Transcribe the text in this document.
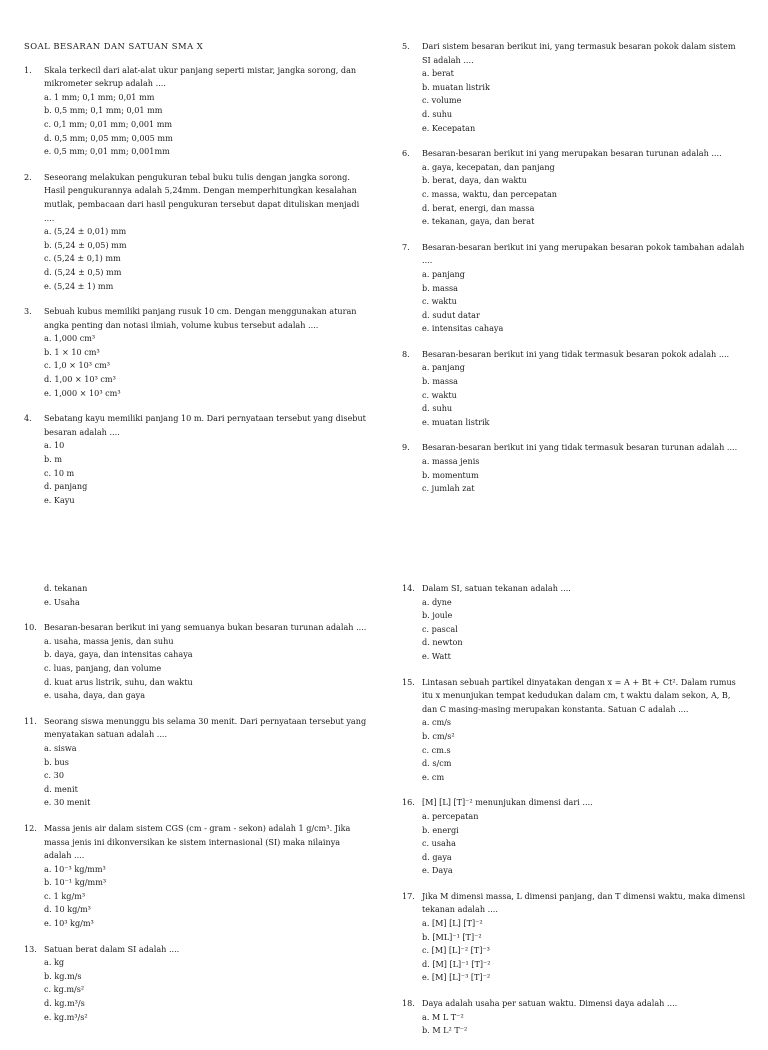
SOAL BESARAN DAN SATUAN SMA X
1.	Skala terkecil dari alat-alat ukur panjang seperti mistar, jangka sorong, dan mikrometer sekrup adalah ....
a. 1 mm; 0,1 mm; 0,01 mm
b. 0,5 mm; 0,1 mm; 0,01 mm
c. 0,1 mm; 0,01 mm; 0,001 mm
d. 0,5 mm; 0,05 mm; 0,005 mm
e. 0,5 mm; 0,01 mm; 0,001mm
2.	Seseorang melakukan pengukuran tebal buku tulis dengan jangka sorong. Hasil pengukurannya adalah 5,24mm. Dengan memperhitungkan kesalahan mutlak, pembacaan dari hasil pengukuran tersebut dapat dituliskan menjadi ....
a. (5,24 ± 0,01) mm
b. (5,24 ± 0,05) mm
c. (5,24 ± 0,1) mm
d. (5,24 ± 0,5) mm
e. (5,24 ± 1) mm
3.	Sebuah kubus memiliki panjang rusuk 10 cm. Dengan menggunakan aturan angka penting dan notasi ilmiah, volume kubus tersebut adalah ....
a. 1,000 cm³
b. 1 × 10 cm³
c. 1,0 × 10³ cm³
d. 1,00 × 10³ cm³
e. 1,000 × 10³ cm³
4.	Sebatang kayu memiliki panjang 10 m. Dari pernyataan tersebut yang disebut besaran adalah ....
a. 10
b. m
c. 10 m
d. panjang
e. Kayu
5.	Dari sistem besaran berikut ini, yang termasuk besaran pokok dalam sistem SI adalah ....
a. berat
b. muatan listrik
c. volume
d. suhu
e. Kecepatan
6.	Besaran-besaran berikut ini yang merupakan besaran turunan adalah ....
a. gaya, kecepatan, dan panjang
b. berat, daya, dan waktu
c. massa, waktu, dan percepatan
d. berat, energi, dan massa
e. tekanan, gaya, dan berat
7.	Besaran-besaran berikut ini yang merupakan besaran pokok tambahan adalah ....
a. panjang
b. massa
c. waktu
d. sudut datar
e. intensitas cahaya
8.	Besaran-besaran berikut ini yang tidak termasuk besaran pokok adalah ....
a. panjang
b. massa
c. waktu
d. suhu
e. muatan listrik
9.	Besaran-besaran berikut ini yang tidak termasuk besaran turunan adalah ....
a. massa jenis
b. momentum
c. jumlah zat
d. tekanan
e. Usaha
10. Besaran-besaran berikut ini yang semuanya bukan besaran turunan adalah ....
a. usaha, massa jenis, dan suhu
b. daya, gaya, dan intensitas cahaya
c. luas, panjang, dan volume
d. kuat arus listrik, suhu, dan waktu
e. usaha, daya, dan gaya
11. Seorang siswa menunggu bis selama 30 menit. Dari pernyataan tersebut yang menyatakan satuan adalah ....
a. siswa
b. bus
c. 30
d. menit
e. 30 menit
12. Massa jenis air dalam sistem CGS (cm - gram - sekon) adalah 1 g/cm³. Jika massa jenis ini dikonversikan ke sistem internasional (SI) maka nilainya adalah ....
a. 10⁻³ kg/mm³
b. 10⁻¹ kg/mm³
c. 1 kg/m³
d. 10 kg/m³
e. 10³ kg/m³
13. Satuan berat dalam SI adalah ....
a. kg
b. kg.m/s
c. kg.m/s²
d. kg.m³/s
e. kg.m³/s²
14. Dalam SI, satuan tekanan adalah ....
a. dyne
b. joule
c. pascal
d. newton
e. Watt
15. Lintasan sebuah partikel dinyatakan dengan x = A + Bt + Ct². Dalam rumus itu x menunjukan tempat kedudukan dalam cm, t waktu dalam sekon, A, B, dan C masing-masing merupakan konstanta. Satuan C adalah ....
a. cm/s
b. cm/s²
c. cm.s
d. s/cm
e. cm
16. [M] [L] [T]⁻² menunjukan dimensi dari ....
a. percepatan
b. energi
c. usaha
d. gaya
e. Daya
17. Jika M dimensi massa, L dimensi panjang, dan T dimensi waktu, maka dimensi tekanan adalah ....
a. [M] [L] [T]⁻²
b. [ML]⁻¹ [T]⁻²
c. [M] [L]⁻² [T]⁻³
d. [M] [L]⁻¹ [T]⁻²
e. [M] [L]⁻³ [T]⁻²
18. Daya adalah usaha per satuan waktu. Dimensi daya adalah ....
a. M L T⁻²
b. M L² T⁻²
